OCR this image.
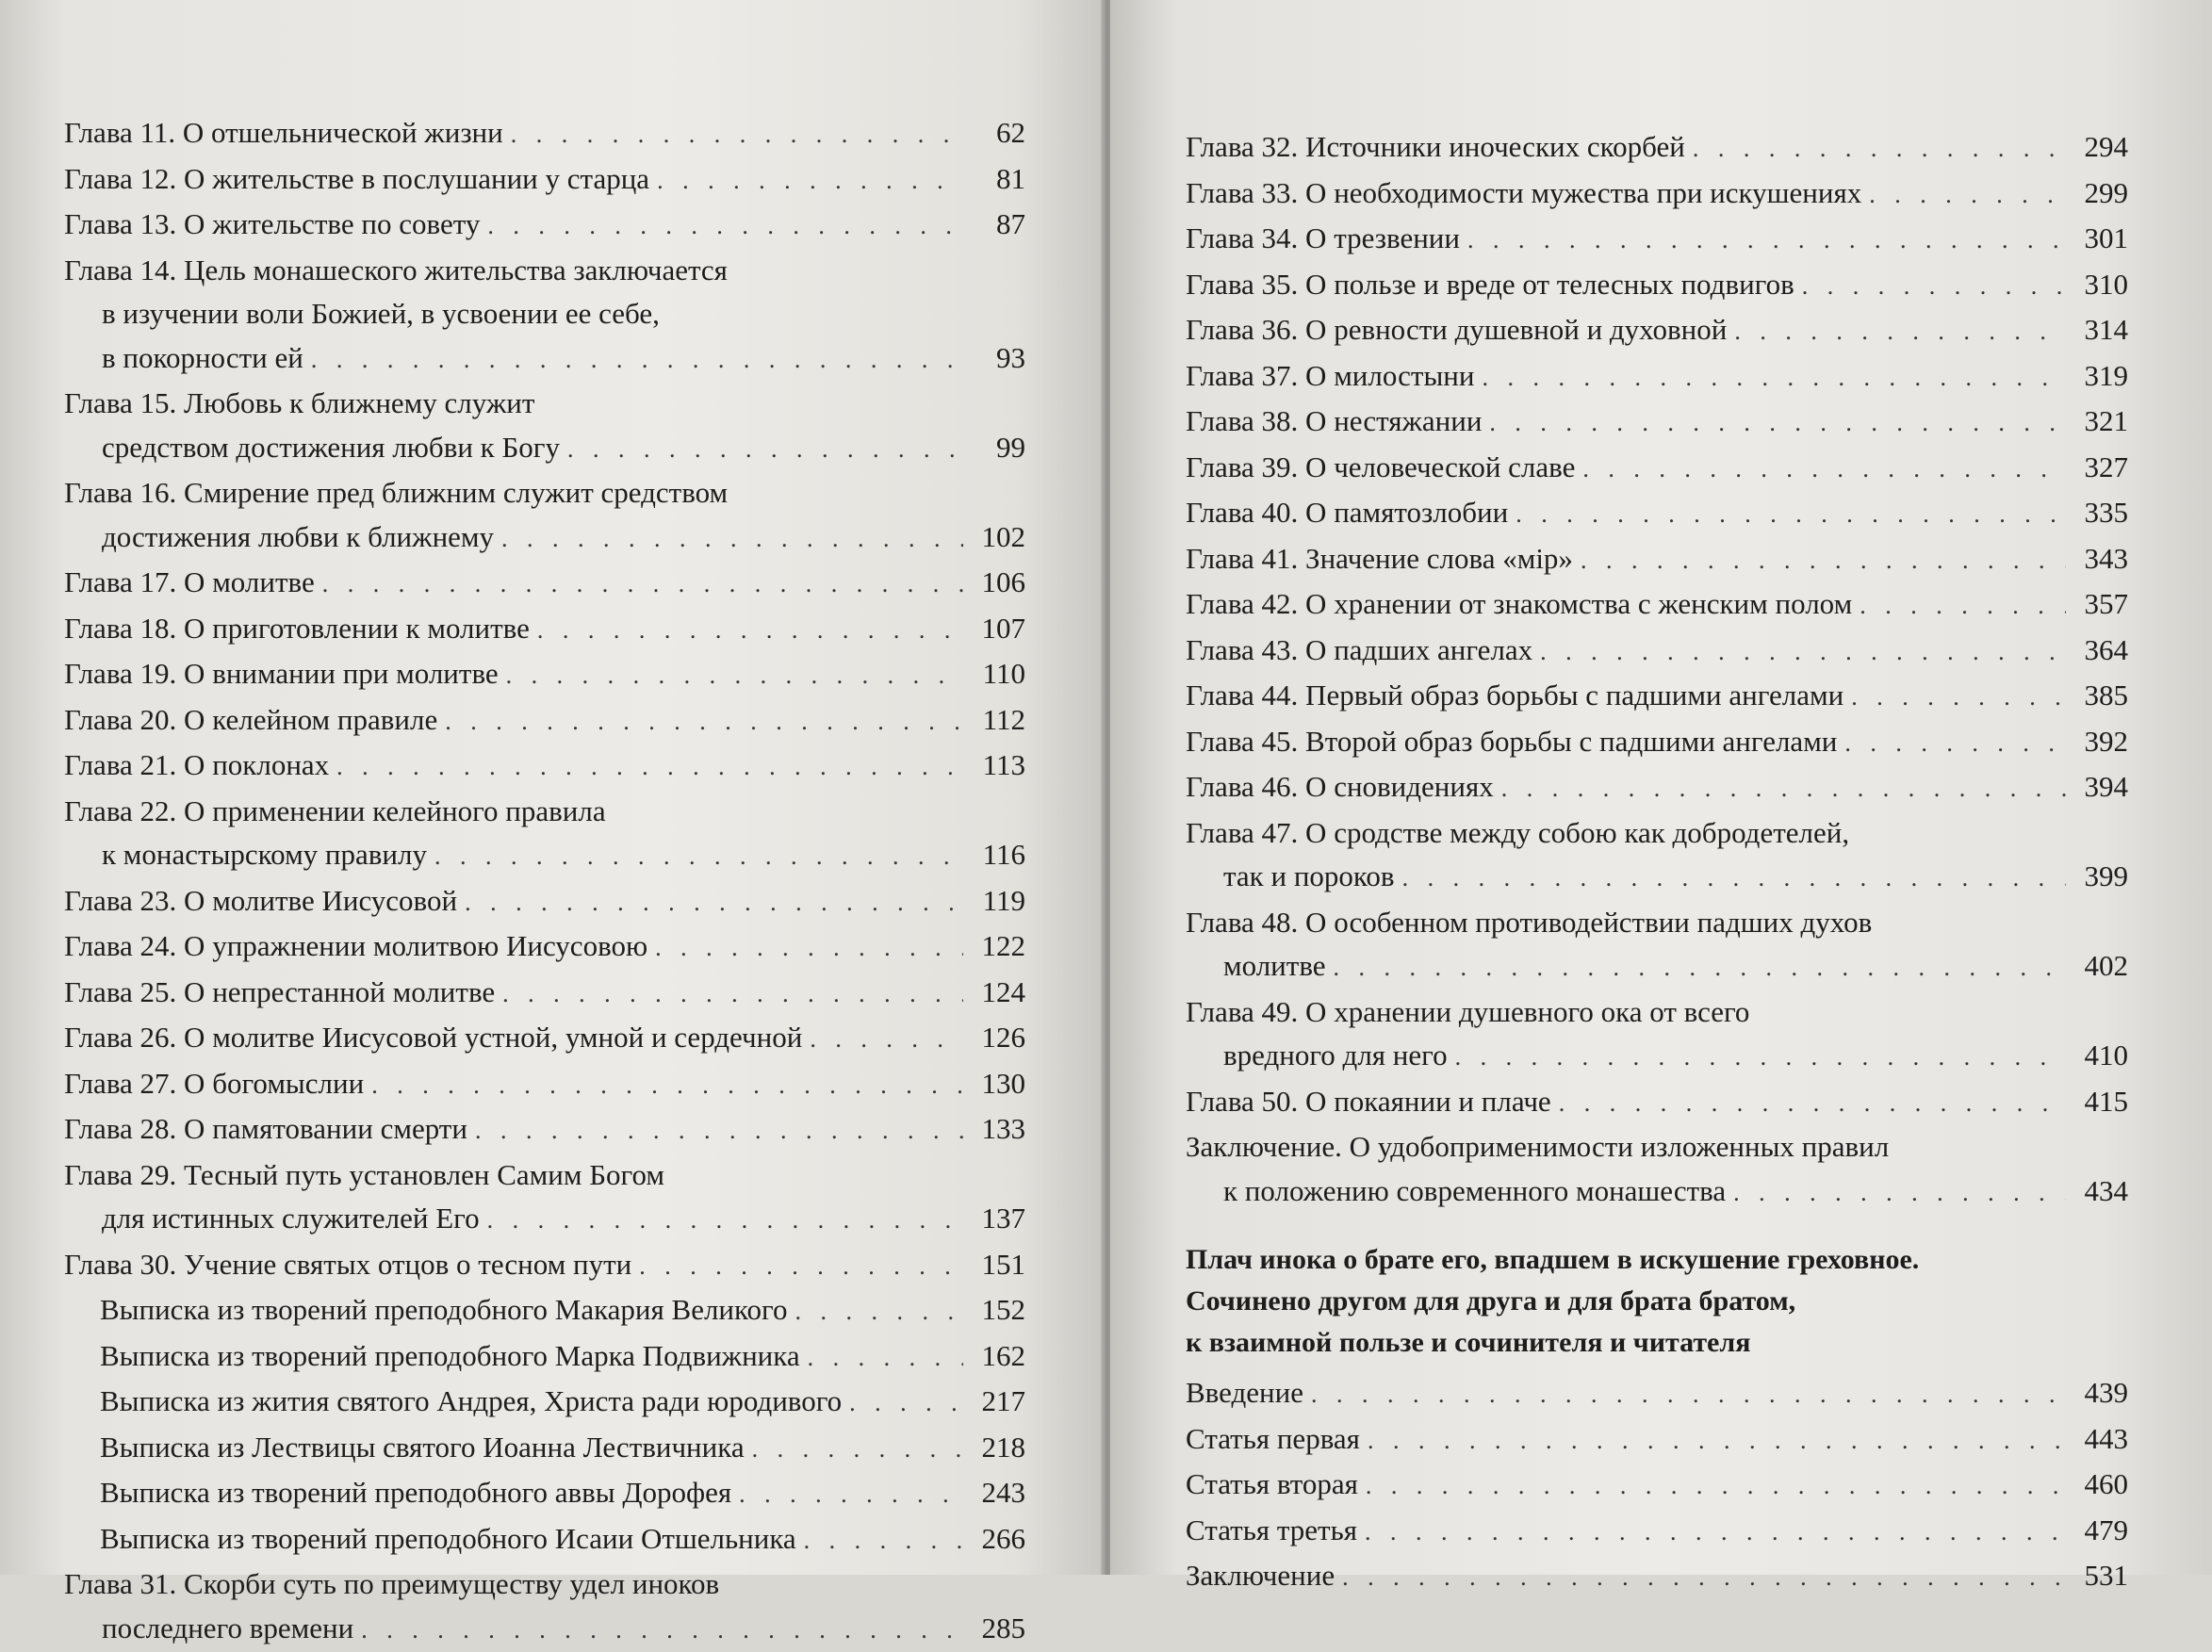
Глава 11. О отшельнической жизни . . .	62
Глава 12. О жительстве в послушании у старца . . .	81
Глава 13. О жительстве по совету . . .	87
Глава 14. Цель монашеского жительства заключается
в изучении воли Божией, в усвоении ее себе,
в покорности ей . . .	93
Глава 15. Любовь к ближнему служит
средством достижения любви к Богу . . .	99
Глава 16. Смирение пред ближним служит средством
достижения любви к ближнему . . .	102
Глава 17. О молитве . . .	106
Глава 18. О приготовлении к молитве . . .	107
Глава 19. О внимании при молитве . . .	110
Глава 20. О келейном правиле . . .	112
Глава 21. О поклонах . . .	113
Глава 22. О применении келейного правила
к монастырскому правилу . . .	116
Глава 23. О молитве Иисусовой . . .	119
Глава 24. О упражнении молитвою Иисусовою . . .	122
Глава 25. О непрестанной молитве . . .	124
Глава 26. О молитве Иисусовой устной, умной и сердечной . . .	126
Глава 27. О богомыслии . . .	130
Глава 28. О памятовании смерти . . .	133
Глава 29. Тесный путь установлен Самим Богом
для истинных служителей Его . . .	137
Глава 30. Учение святых отцов о тесном пути . . .	151
Выписка из творений преподобного Макария Великого . . .	152
Выписка из творений преподобного Марка Подвижника . . .	162
Выписка из жития святого Андрея, Христа ради юродивого . . .	217
Выписка из Лествицы святого Иоанна Лествичника . . .	218
Выписка из творений преподобного аввы Дорофея . . .	243
Выписка из творений преподобного Исаии Отшельника . . .	266
Глава 31. Скорби суть по преимуществу удел иноков
последнего времени . . .	285
Глава 32. Источники иноческих скорбей . . .	294
Глава 33. О необходимости мужества при искушениях . . .	299
Глава 34. О трезвении . . .	301
Глава 35. О пользе и вреде от телесных подвигов . . .	310
Глава 36. О ревности душевной и духовной . . .	314
Глава 37. О милостыни . . .	319
Глава 38. О нестяжании . . .	321
Глава 39. О человеческой славе . . .	327
Глава 40. О памятозлобии . . .	335
Глава 41. Значение слова «мiр» . . .	343
Глава 42. О хранении от знакомства с женским полом . . .	357
Глава 43. О падших ангелах . . .	364
Глава 44. Первый образ борьбы с падшими ангелами . . .	385
Глава 45. Второй образ борьбы с падшими ангелами . . .	392
Глава 46. О сновидениях . . .	394
Глава 47. О сродстве между собою как добродетелей,
так и пороков . . .	399
Глава 48. О особенном противодействии падших духов
молитве . . .	402
Глава 49. О хранении душевного ока от всего
вредного для него . . .	410
Глава 50. О покаянии и плаче . . .	415
Заключение. О удобоприменимости изложенных правил
к положению современного монашества . . .	434
Плач инока о брате его, впадшем в искушение греховное.
Сочинено другом для друга и для брата братом,
к взаимной пользе и сочинителя и читателя
Введение . . .	439
Статья первая . . .	443
Статья вторая . . .	460
Статья третья . . .	479
Заключение . . .	531
